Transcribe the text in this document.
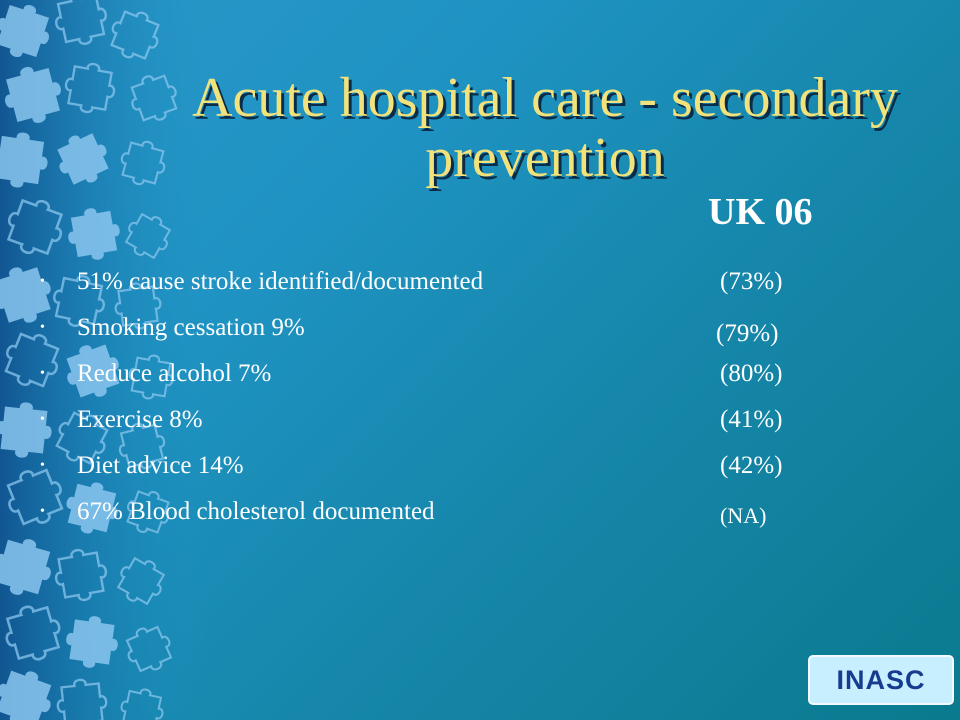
Acute hospital care - secondary prevention
UK 06
• 51% cause stroke identified/documented	(73%)
• Smoking cessation 9%	(79%)
• Reduce alcohol 7%	(80%)
• Exercise 8%	(41%)
• Diet advice 14%	(42%)
• 67% Blood cholesterol documented	(NA)
INASC
